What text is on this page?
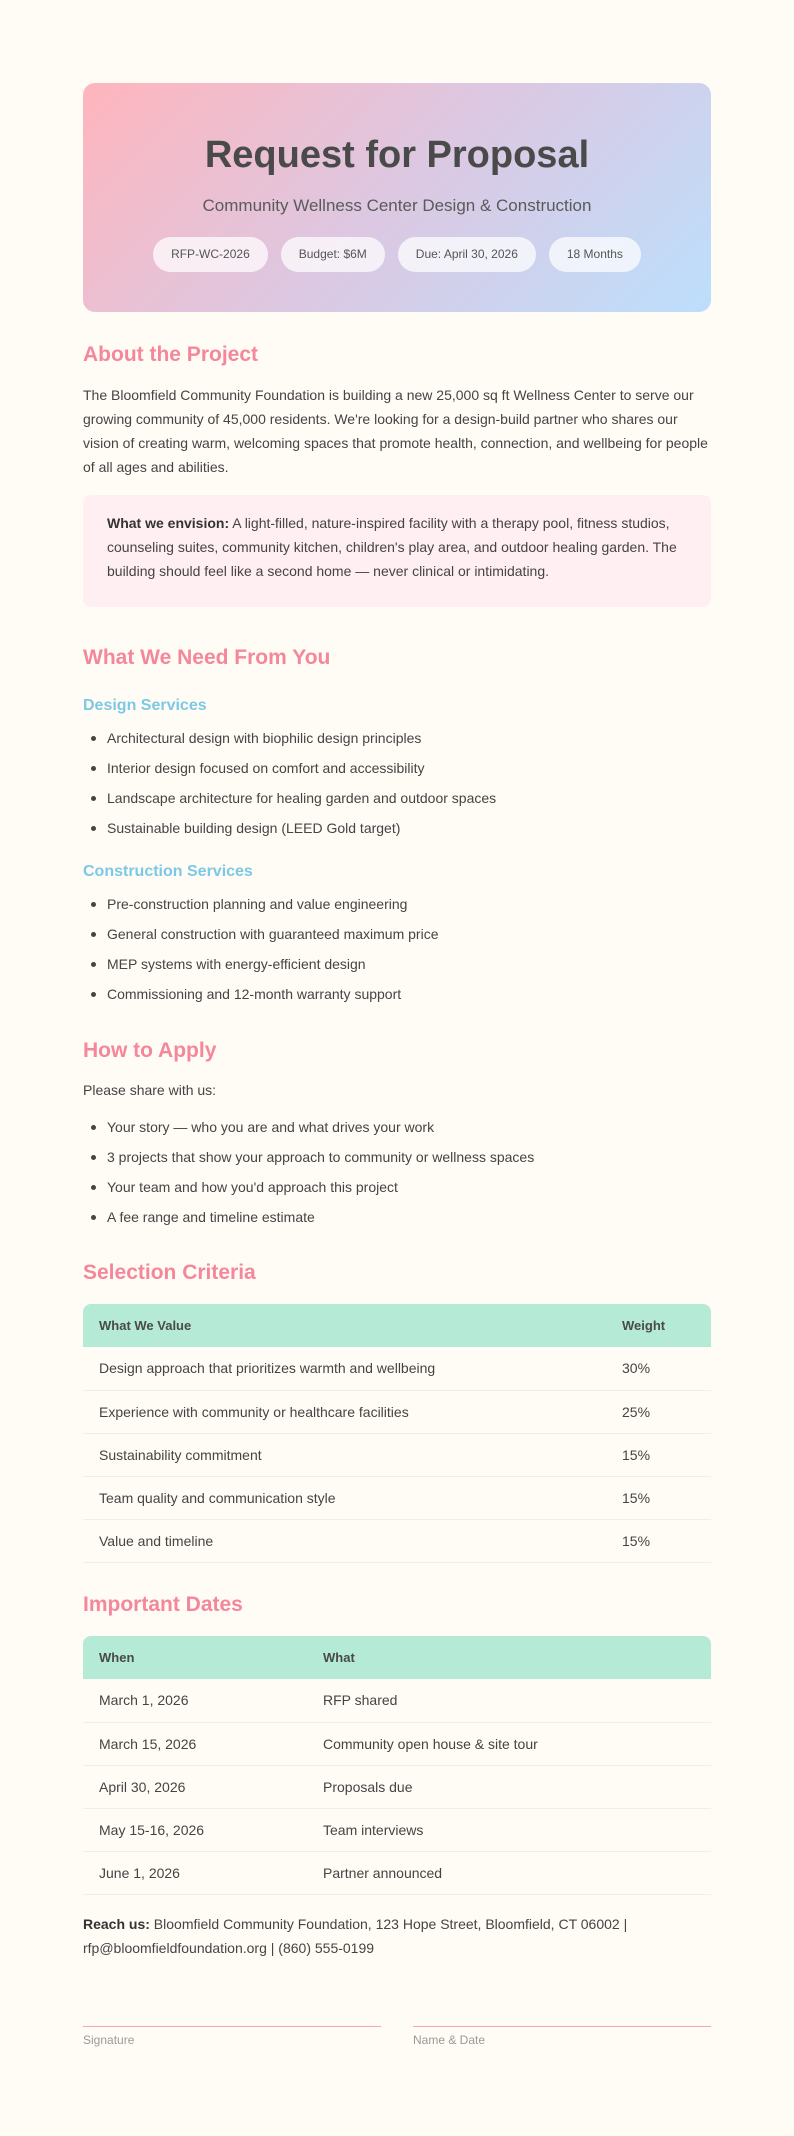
Request for Proposal
Community Wellness Center Design & Construction
RFP-WC-2026	Budget: $6M	Due: April 30, 2026	18 Months
About the Project

The Bloomfield Community Foundation is building a new 25,000 sq ft Wellness Center to serve our growing community of 45,000 residents. We're looking for a design-build partner who shares our vision of creating warm, welcoming spaces that promote health, connection, and wellbeing for people of all ages and abilities.

What we envision: A light-filled, nature-inspired facility with a therapy pool, fitness studios, counseling suites, community kitchen, children's play area, and outdoor healing garden. The building should feel like a second home — never clinical or intimidating.
What We Need From You
Design Services
Architectural design with biophilic design principles
Interior design focused on comfort and accessibility
Landscape architecture for healing garden and outdoor spaces
Sustainable building design (LEED Gold target)
Construction Services
Pre-construction planning and value engineering
General construction with guaranteed maximum price
MEP systems with energy-efficient design
Commissioning and 12-month warranty support
How to Apply

Please share with us:

Your story — who you are and what drives your work
3 projects that show your approach to community or wellness spaces
Your team and how you'd approach this project
A fee range and timeline estimate
Selection Criteria
What We Value	Weight
Design approach that prioritizes warmth and wellbeing	30%
Experience with community or healthcare facilities	25%
Sustainability commitment	15%
Team quality and communication style	15%
Value and timeline	15%
Important Dates
When	What
March 1, 2026	RFP shared
March 15, 2026	Community open house & site tour
April 30, 2026	Proposals due
May 15-16, 2026	Team interviews
June 1, 2026	Partner announced

Reach us: Bloomfield Community Foundation, 123 Hope Street, Bloomfield, CT 06002 | rfp@bloomfieldfoundation.org | (860) 555-0199

Signature	Name & Date
